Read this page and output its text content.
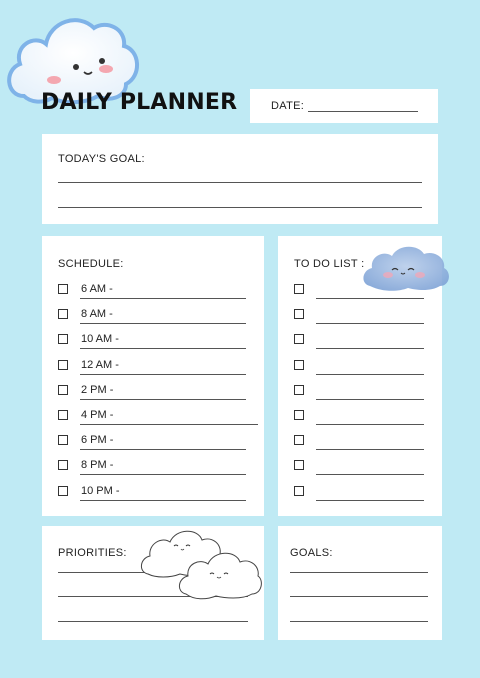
DAILY PLANNER	DATE:
TODAY'S GOAL:
SCHEDULE:
6 AM -
8 AM -
10 AM -
12 AM -
2 PM -
4 PM -
6 PM -
8 PM -
10 PM -
TO DO LIST :
PRIORITIES:	GOALS:
